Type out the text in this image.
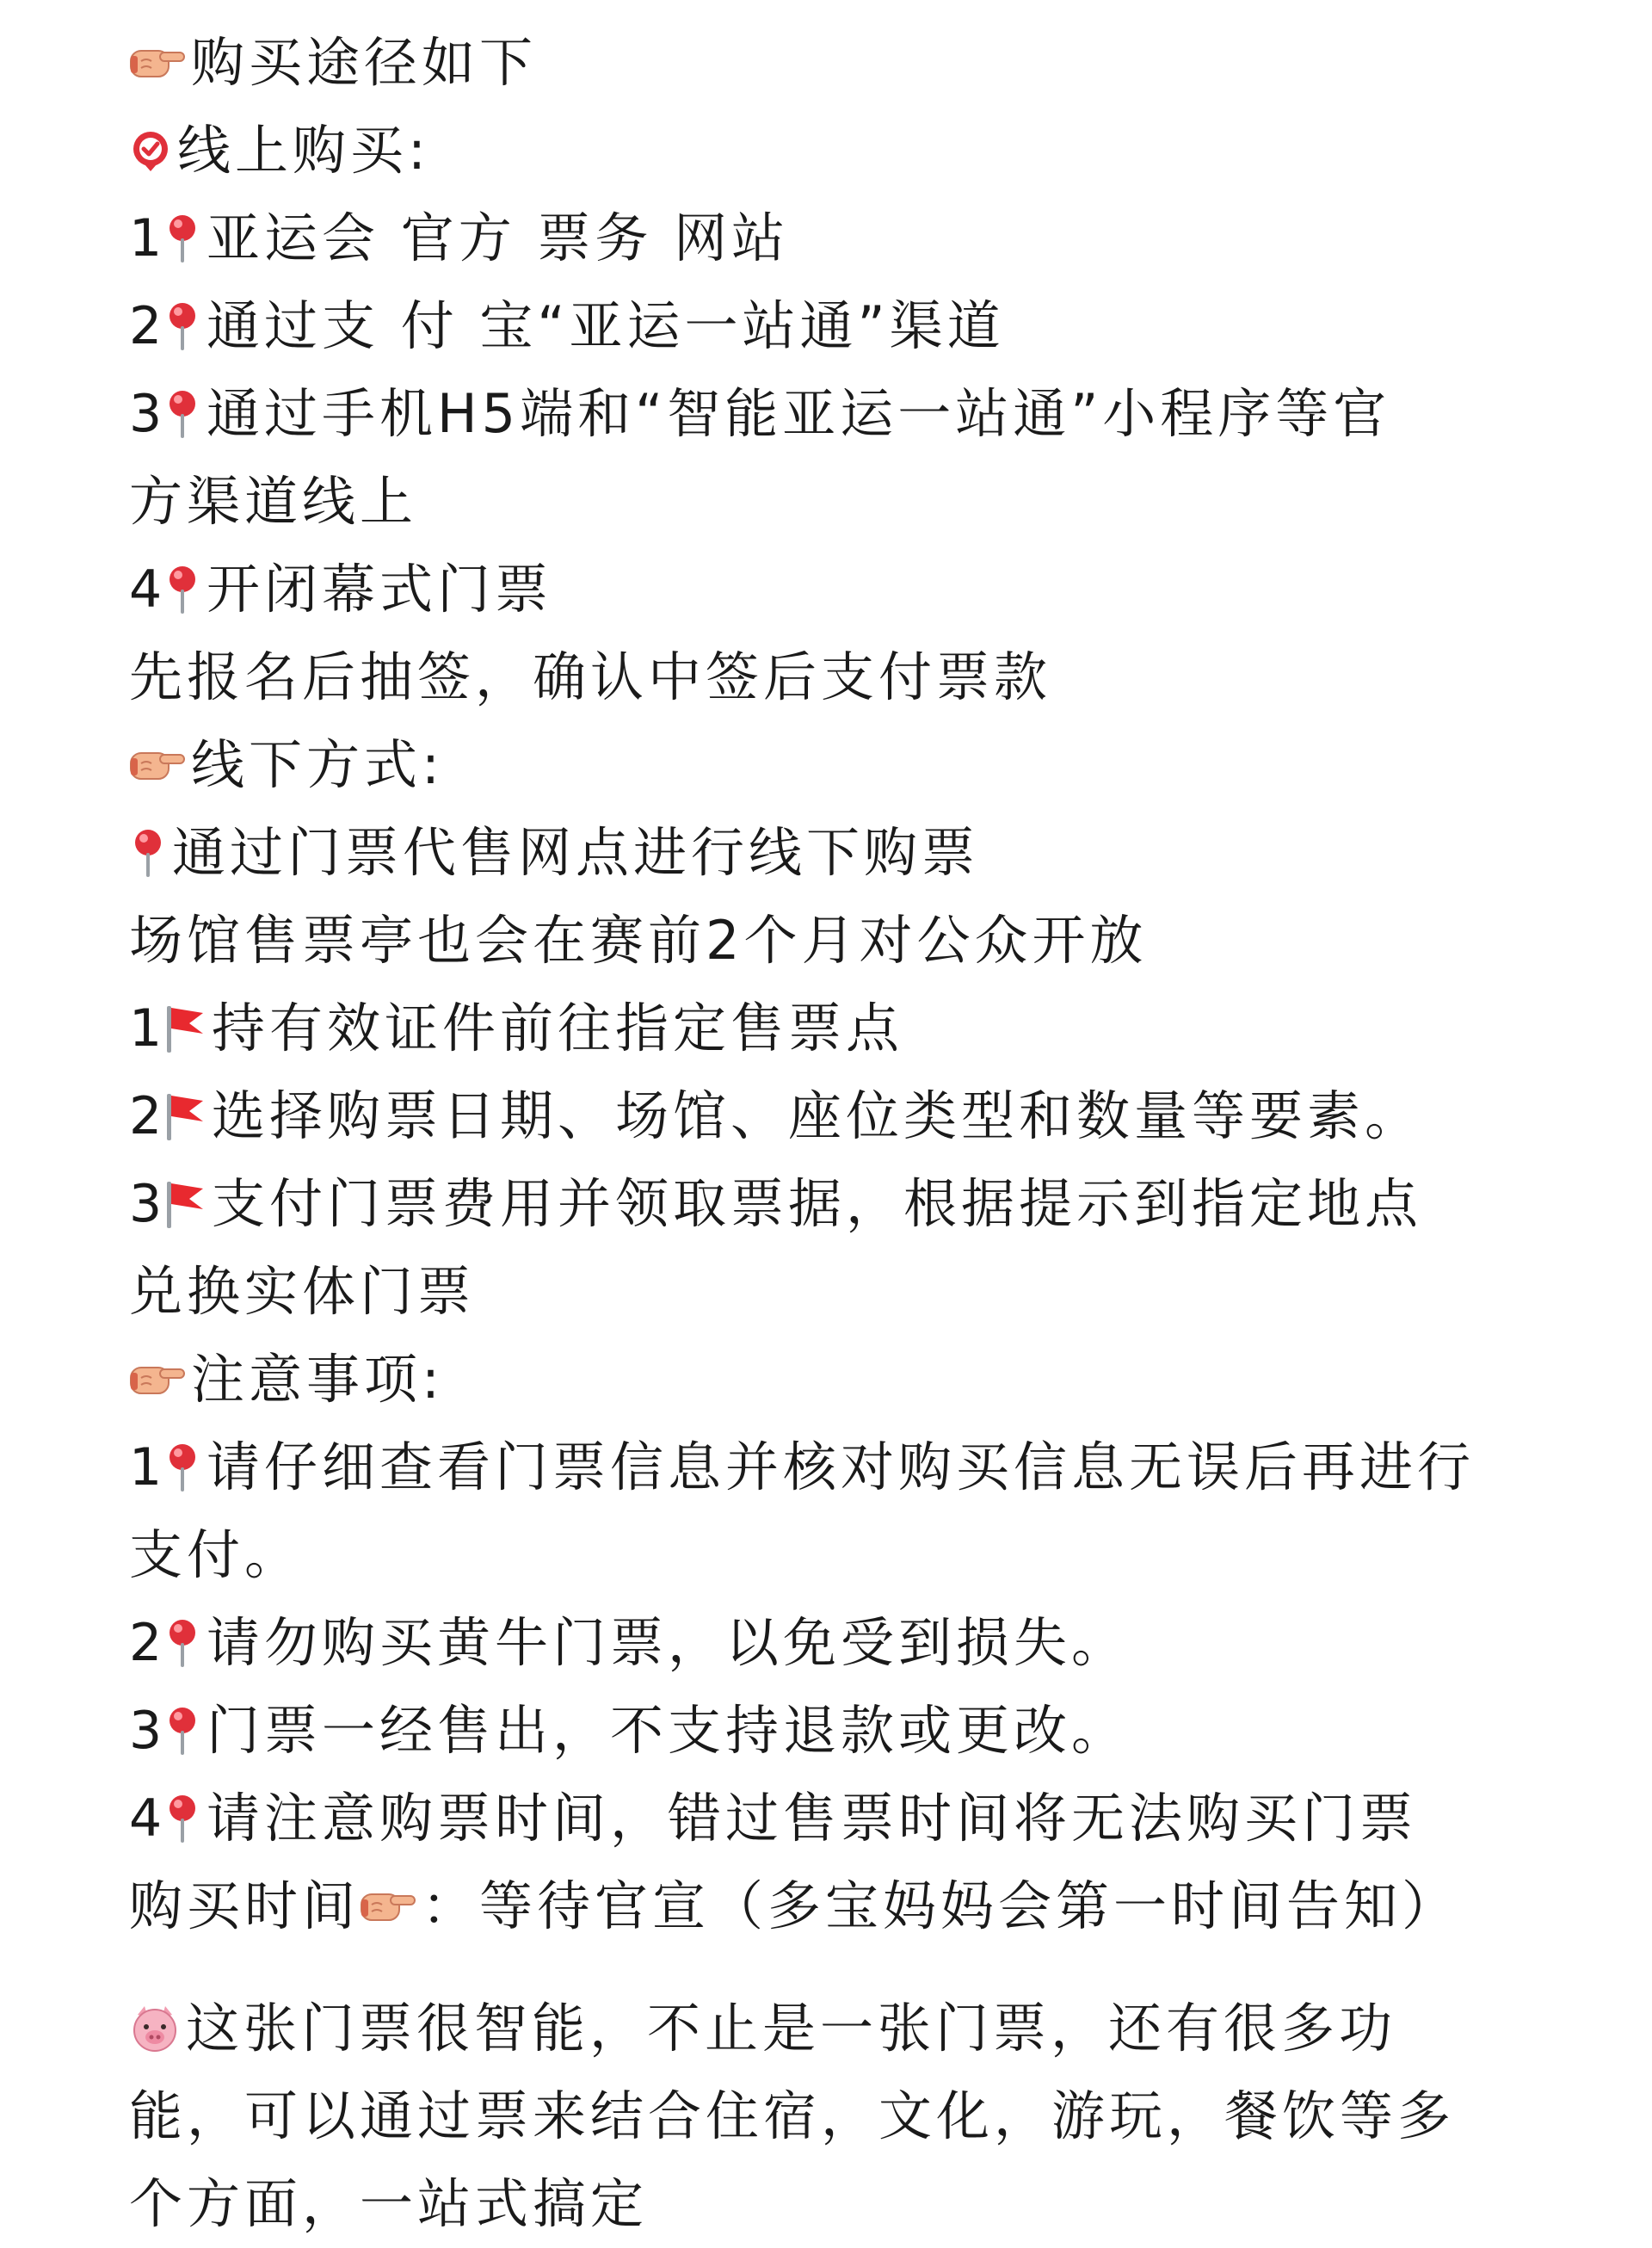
购买途径如下
线上购买:
1 亚运会 官方 票务 网站
2 通过支 付 宝“亚运一站通”渠道
3 通过手机H5端和“智能亚运一站通”小程序等官
方渠道线上
4 开闭幕式门票
先报名后抽签，确认中签后支付票款
线下方式:
通过门票代售网点进行线下购票
场馆售票亭也会在赛前2个月对公众开放
1 持有效证件前往指定售票点
2 选择购票日期、场馆、座位类型和数量等要素。
3 支付门票费用并领取票据，根据提示到指定地点
兑换实体门票
注意事项:
1 请仔细查看门票信息并核对购买信息无误后再进行
支付。
2 请勿购买黄牛门票，以免受到损失。
3 门票一经售出，不支持退款或更改。
4 请注意购票时间，错过售票时间将无法购买门票
购买时间 ：等待官宣（多宝妈妈会第一时间告知）
这张门票很智能，不止是一张门票，还有很多功
能，可以通过票来结合住宿，文化，游玩，餐饮等多
个方面，一站式搞定
